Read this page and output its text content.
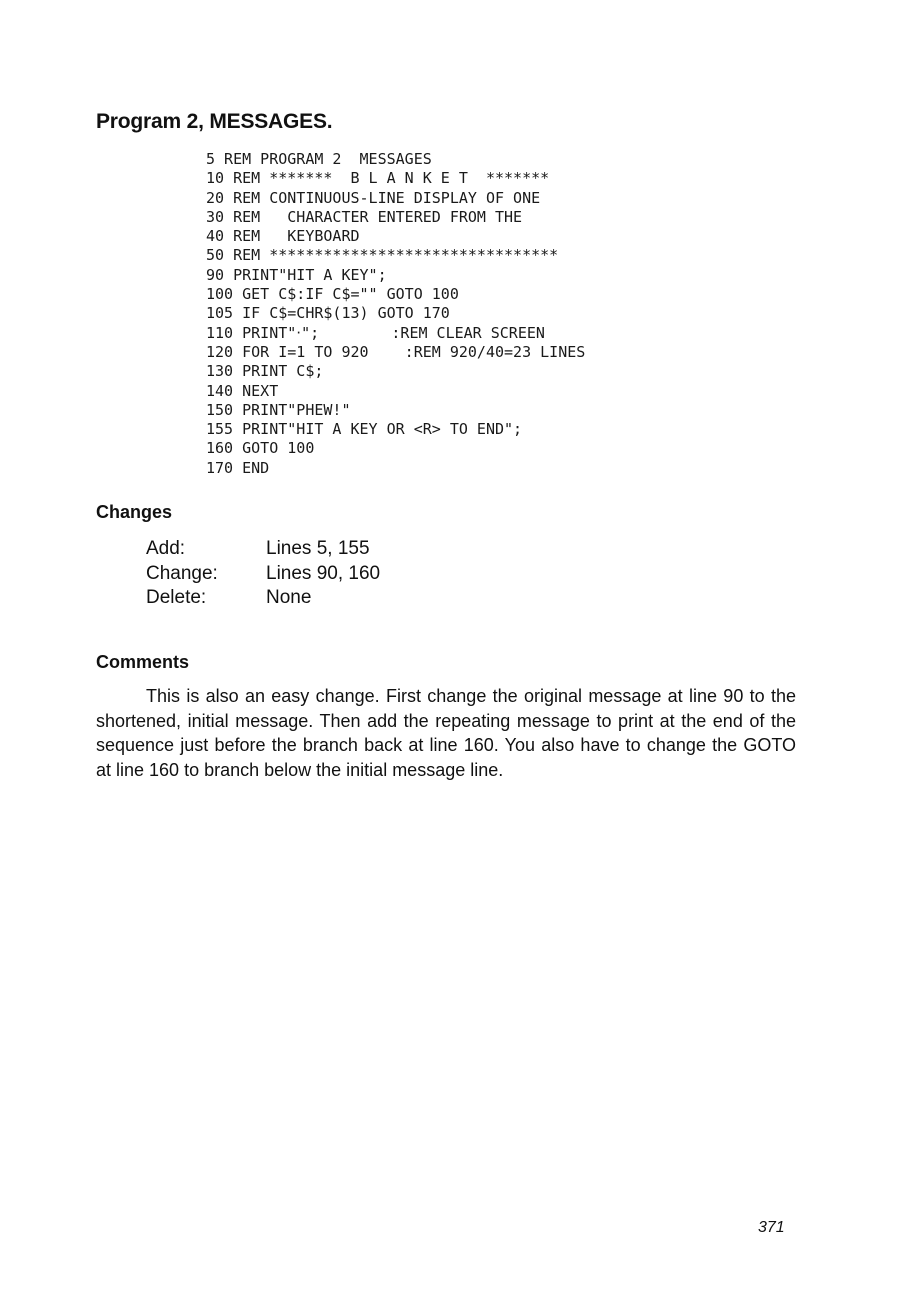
Program 2, MESSAGES.
5 REM PROGRAM 2  MESSAGES
10 REM *******  B L A N K E T  *******
20 REM CONTINUOUS-LINE DISPLAY OF ONE
30 REM   CHARACTER ENTERED FROM THE
40 REM   KEYBOARD
50 REM ********************************
90 PRINT"HIT A KEY";
100 GET C$:IF C$="" GOTO 100
105 IF C$=CHR$(13) GOTO 170
110 PRINT"‧";        :REM CLEAR SCREEN
120 FOR I=1 TO 920    :REM 920/40=23 LINES
130 PRINT C$;
140 NEXT
150 PRINT"PHEW!"
155 PRINT"HIT A KEY OR <R> TO END";
160 GOTO 100
170 END
Changes
Add:	Lines 5, 155
Change:	Lines 90, 160
Delete:	None
Comments

This is also an easy change. First change the original message at line 90 to the shortened, initial message. Then add the repeating message to print at the end of the sequence just before the branch back at line 160. You also have to change the GOTO at line 160 to branch below the initial message line.

371
